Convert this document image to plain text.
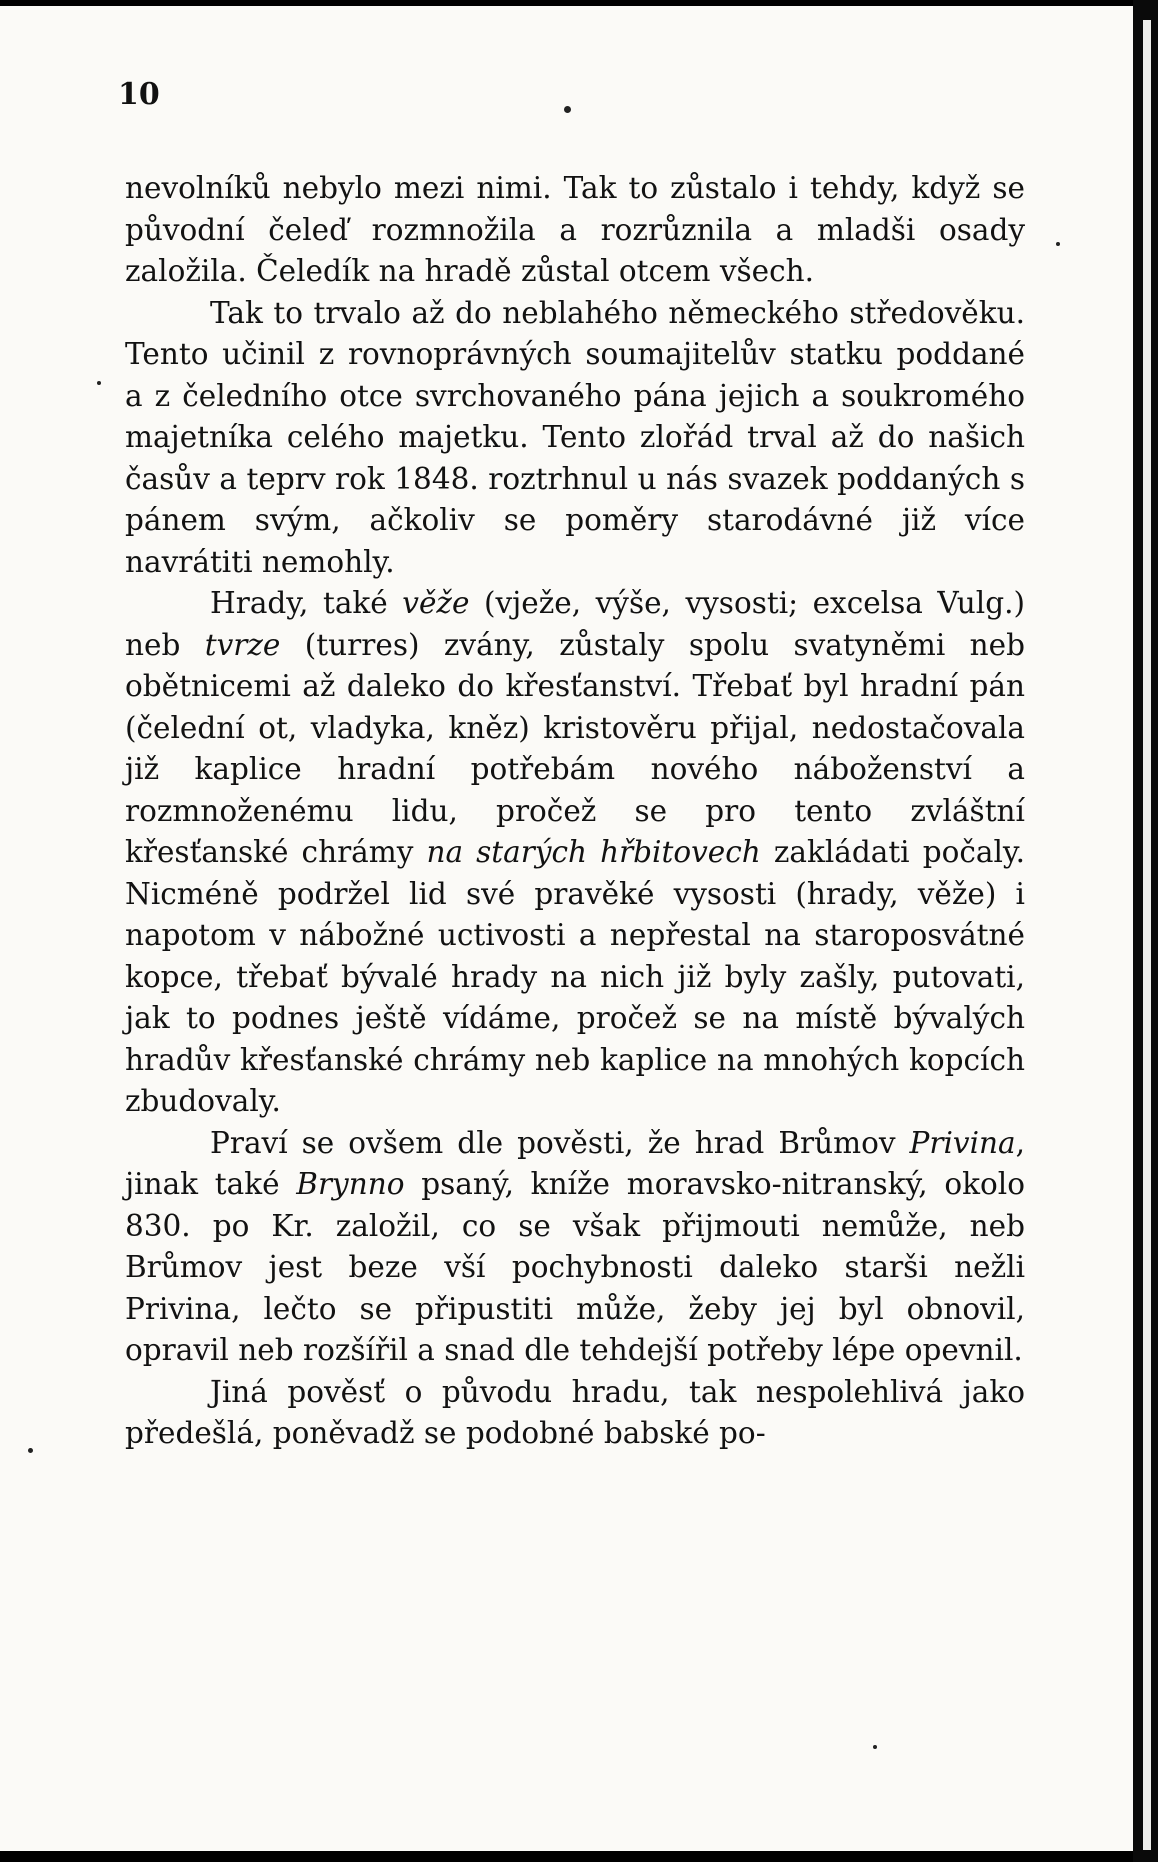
10

nevolníků nebylo mezi nimi. Tak to zůstalo i tehdy, když se původní čeleď rozmnožila a rozrůznila a mladši osady založila. Čeledík na hradě zůstal otcem všech.

Tak to trvalo až do neblahého německého středověku. Tento učinil z rovnoprávných soumajitelův statku poddané a z čeledního otce svrchovaného pána jejich a soukromého majetníka celého majetku. Tento zlořád trval až do našich časův a teprv rok 1848. roztrhnul u nás svazek poddaných s pánem svým, ačkoliv se poměry starodávné již více navrátiti nemohly.

Hrady, také věže (vježe, výše, vysosti; excelsa Vulg.) neb tvrze (turres) zvány, zůstaly spolu svatyněmi neb obětnicemi až daleko do křesťanství. Třebať byl hradní pán (čelední ot, vladyka, kněz) kristověru přijal, nedostačovala již kaplice hradní potřebám nového náboženství a rozmnoženému lidu, pročež se pro tento zvláštní křesťanské chrámy na starých hřbitovech zakládati počaly. Nicméně podržel lid své pravěké vysosti (hrady, věže) i napotom v nábožné uctivosti a nepřestal na staroposvátné kopce, třebať bývalé hrady na nich již byly zašly, putovati, jak to podnes ještě vídáme, pročež se na místě bývalých hradův křesťanské chrámy neb kaplice na mnohých kopcích zbudovaly.

Praví se ovšem dle pověsti, že hrad Brůmov Privina, jinak také Brynno psaný, kníže moravsko-nitranský, okolo 830. po Kr. založil, co se však přijmouti nemůže, neb Brůmov jest beze vší pochybnosti daleko starši nežli Privina, lečto se připustiti může, žeby jej byl obnovil, opravil neb rozšířil a snad dle tehdejší potřeby lépe opevnil.

Jiná pověsť o původu hradu, tak nespolehlivá jako předešlá, poněvadž se podobné babské po-
